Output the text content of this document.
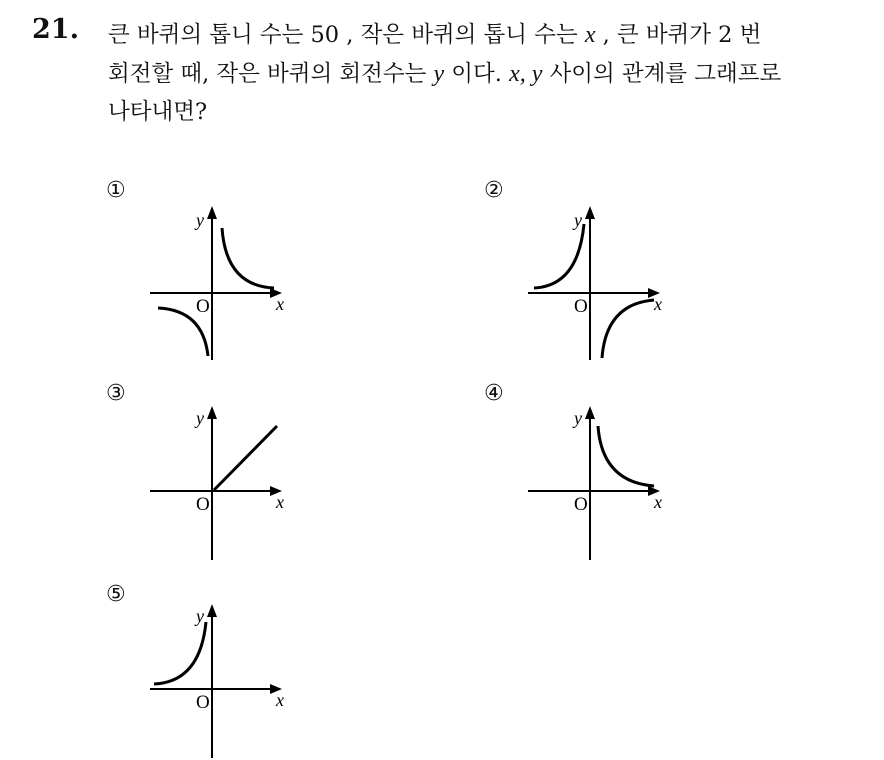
21. 큰 바퀴의 톱니 수는 50 , 작은 바퀴의 톱니 수는 x , 큰 바퀴가 2 번
회전할 때, 작은 바퀴의 회전수는 y 이다. x, y 사이의 관계를 그래프로
나타내면?
①	②
③	④
⑤
y
O	x
y
O	x
y
O	x
y
O	x
y
O	x
